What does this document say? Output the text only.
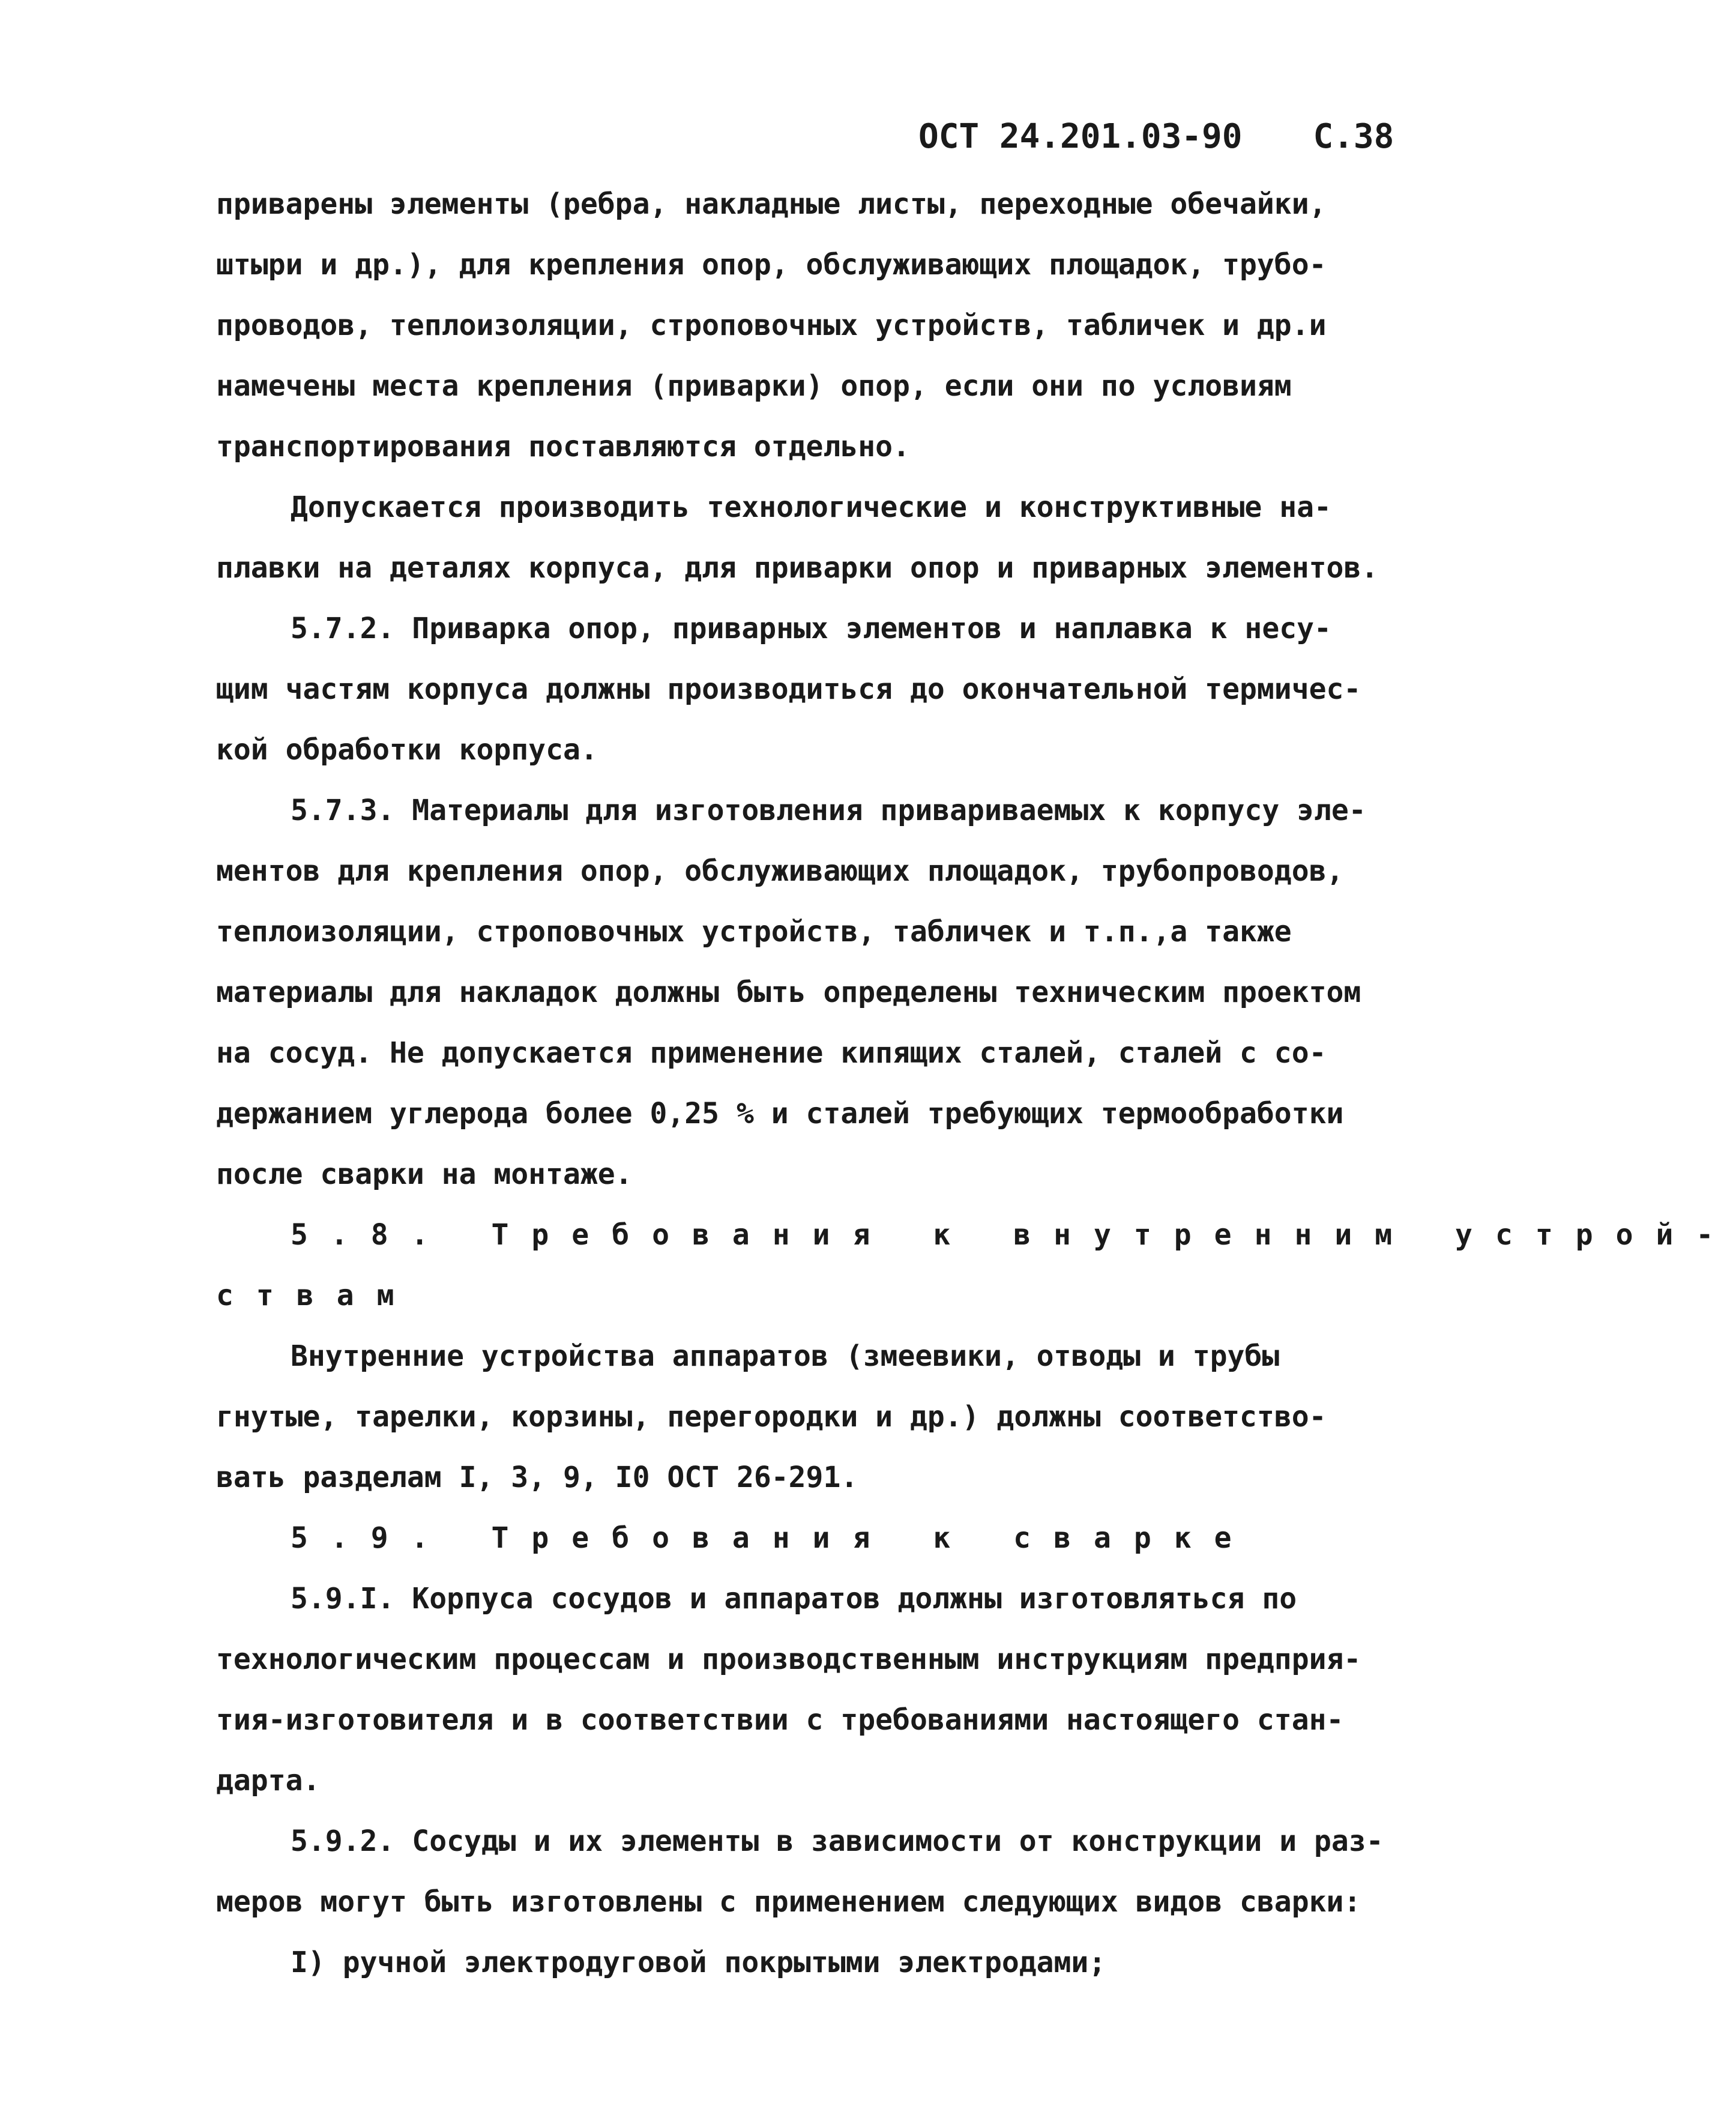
ОСТ 24.201.03-90 С.38
приварены элементы (ребра, накладные листы, переходные обечайки,
штыри и др.), для крепления опор, обслуживающих площадок, трубо-
проводов, теплоизоляции, строповочных устройств, табличек и др.и
намечены места крепления (приварки) опор, если они по условиям
транспортирования поставляются отдельно.
Допускается производить технологические и конструктивные на-
плавки на деталях корпуса, для приварки опор и приварных элементов.
5.7.2. Приварка опор, приварных элементов и наплавка к несу-
щим частям корпуса должны производиться до окончательной термичес-
кой обработки корпуса.
5.7.3. Материалы для изготовления привариваемых к корпусу эле-
ментов для крепления опор, обслуживающих площадок, трубопроводов,
теплоизоляции, строповочных устройств, табличек и т.п.,а также
материалы для накладок должны быть определены техническим проектом
на сосуд. Не допускается применение кипящих сталей, сталей с со-
держанием углерода более 0,25 % и сталей требующих термообработки
после сварки на монтаже.
5.8. Требования к внутренним устрой-
ствам
Внутренние устройства аппаратов (змеевики, отводы и трубы
гнутые, тарелки, корзины, перегородки и др.) должны соответство-
вать разделам I, 3, 9, I0 ОСТ 26-291.
5.9. Требования к сварке
5.9.I. Корпуса сосудов и аппаратов должны изготовляться по
технологическим процессам и производственным инструкциям предприя-
тия-изготовителя и в соответствии с требованиями настоящего стан-
дарта.
5.9.2. Сосуды и их элементы в зависимости от конструкции и раз-
меров могут быть изготовлены с применением следующих видов сварки:
I) ручной электродуговой покрытыми электродами;
